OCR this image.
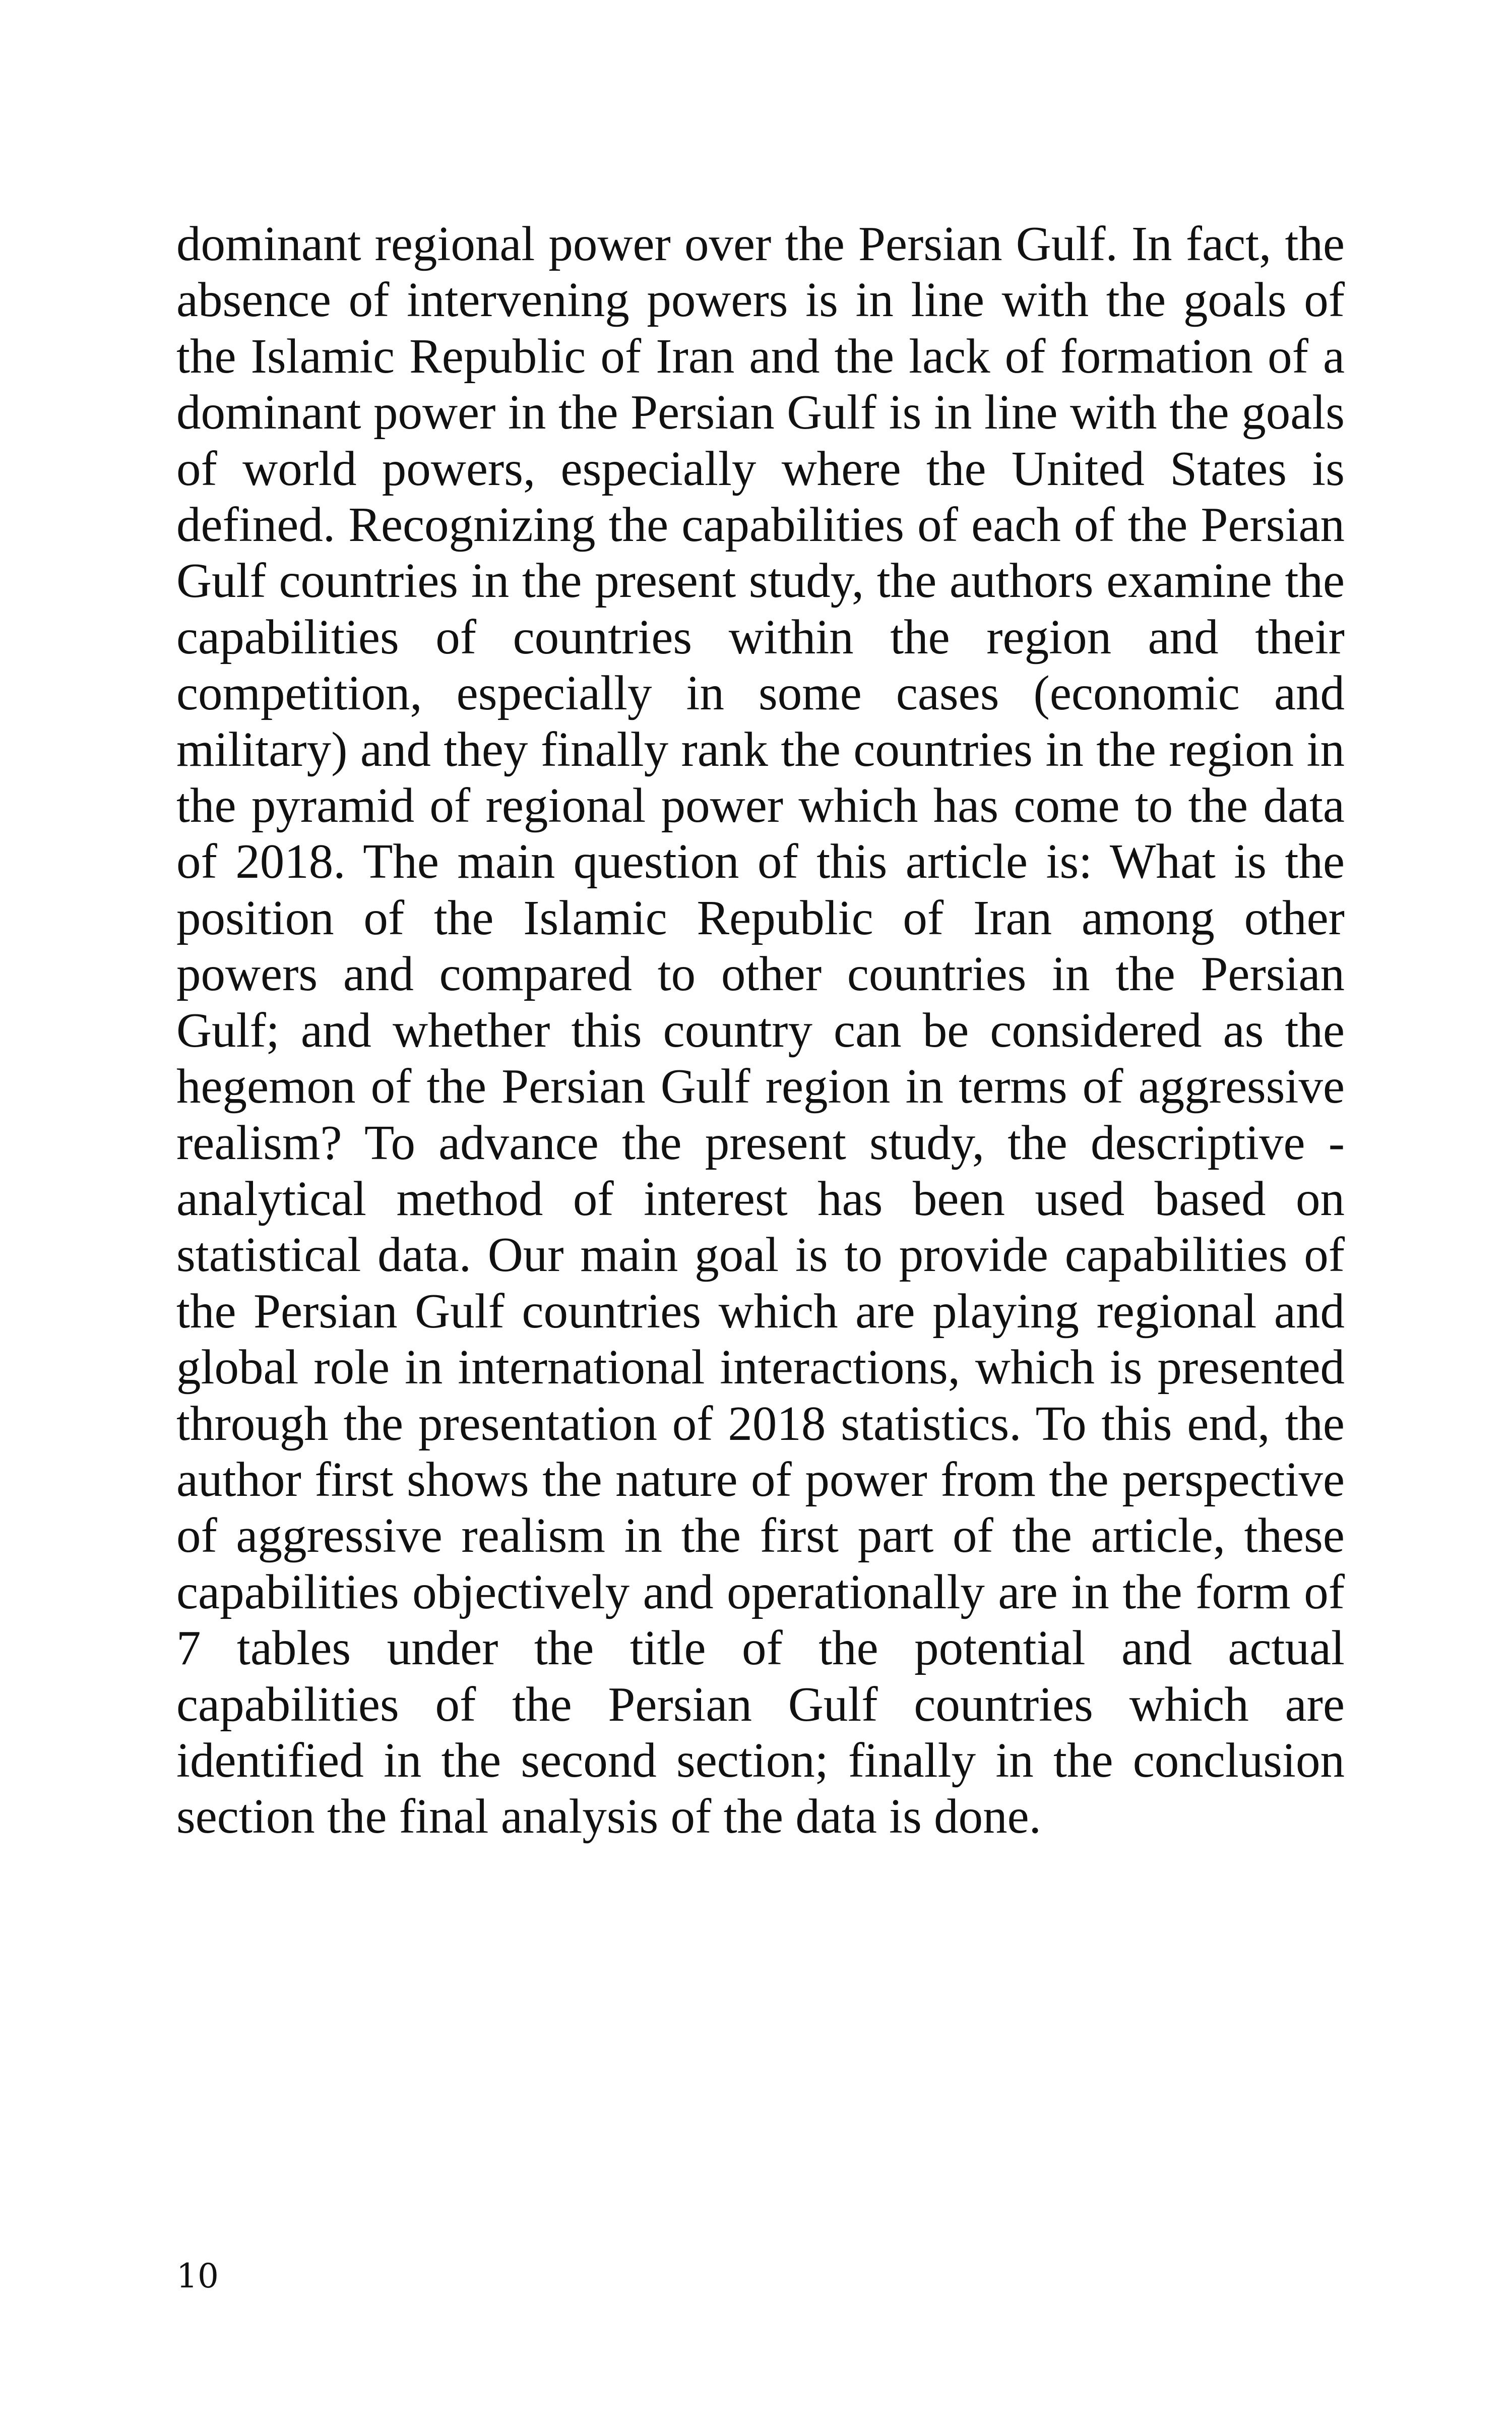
dominant regional power over the Persian Gulf. In fact, the absence of intervening powers is in line with the goals of the Islamic Republic of Iran and the lack of formation of a dominant power in the Persian Gulf is in line with the goals of world powers, especially where the United States is defined. Recognizing the capabilities of each of the Persian Gulf countries in the present study, the authors examine the capabilities of countries within the region and their competition, especially in some cases (economic and military) and they finally rank the countries in the region in the pyramid of regional power which has come to the data of 2018. The main question of this article is: What is the position of the Islamic Republic of Iran among other powers and compared to other countries in the Persian Gulf; and whether this country can be considered as the hegemon of the Persian Gulf region in terms of aggressive realism? To advance the present study, the descriptive - analytical method of interest has been used based on statistical data. Our main goal is to provide capabilities of the Persian Gulf countries which are playing regional and global role in international interactions, which is presented through the presentation of 2018 statistics. To this end, the author first shows the nature of power from the perspective of aggressive realism in the first part of the article, these capabilities objectively and operationally are in the form of 7 tables under the title of the potential and actual capabilities of the Persian Gulf countries which are identified in the second section; finally in the conclusion section the final analysis of the data is done.

10
